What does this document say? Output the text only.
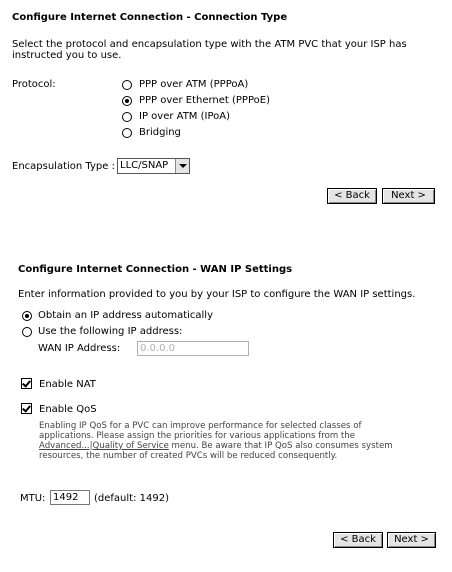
Configure Internet Connection - Connection Type
Select the protocol and encapsulation type with the ATM PVC that your ISP has
instructed you to use.
Protocol:	PPP over ATM (PPPoA)
PPP over Ethernet (PPPoE)
IP over ATM (IPoA)
Bridging
Encapsulation Type : LLC/SNAP
< Back	Next >
Configure Internet Connection - WAN IP Settings
Enter information provided to you by your ISP to configure the WAN IP settings.
Obtain an IP address automatically
Use the following IP address:
WAN IP Address:	0.0.0.0
Enable NAT
Enable QoS
Enabling IP QoS for a PVC can improve performance for selected classes of
applications. Please assign the priorities for various applications from the
Advanced...|Quality of Service menu. Be aware that IP QoS also consumes system
resources, the number of created PVCs will be reduced consequently.
MTU: 1492	(default: 1492)
< Back	Next >
